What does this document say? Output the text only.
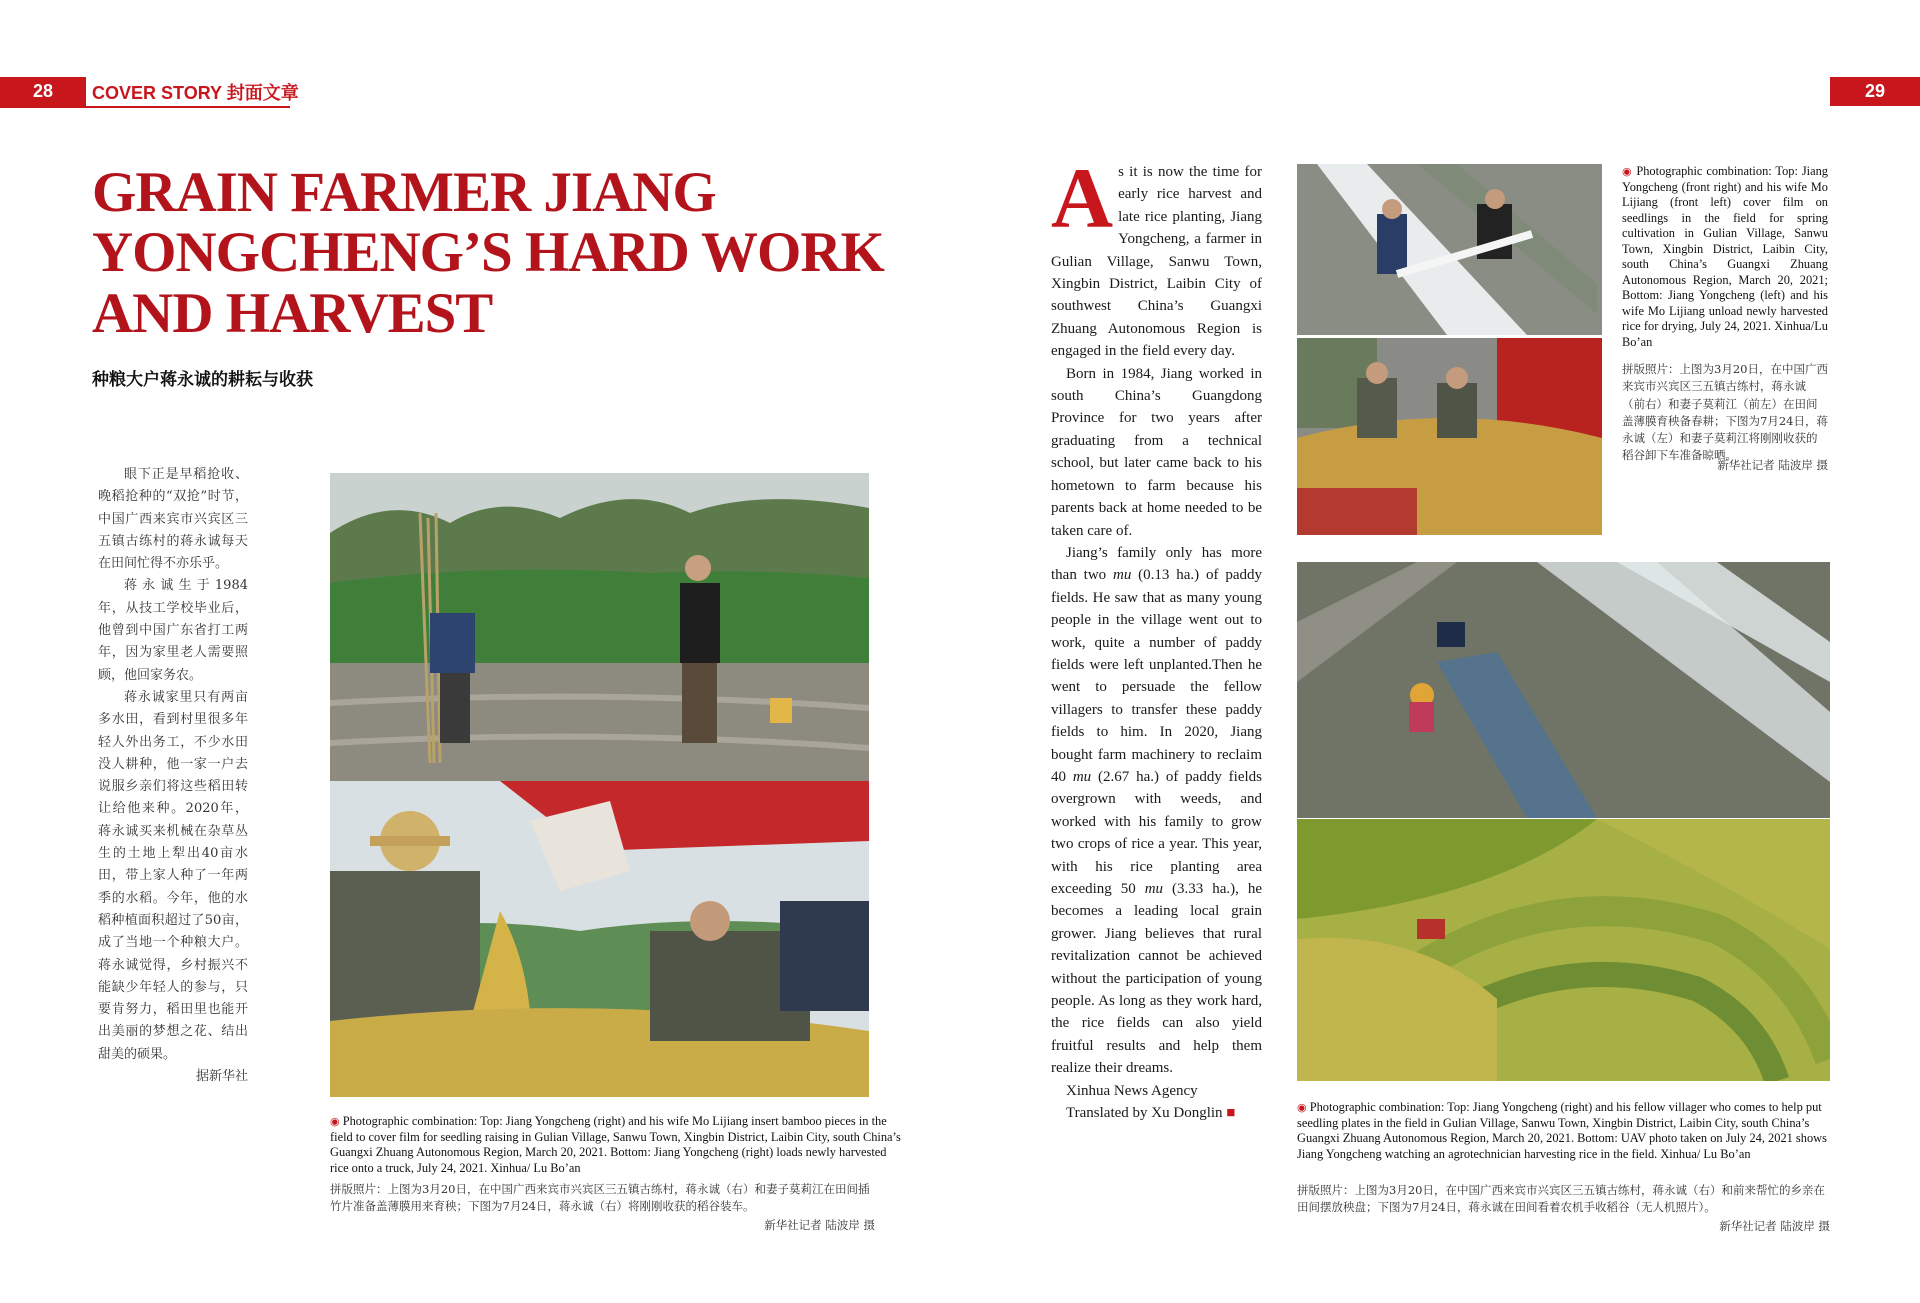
28	COVER STORY 封面文章	29
GRAIN FARMER JIANG YONGCHENG’S HARD WORK AND HARVEST
种粮大户蒋永诚的耕耘与收获

眼下正是早稻抢收、晚稻抢种的“双抢”时节，中国广西来宾市兴宾区三五镇古练村的蒋永诚每天在田间忙得不亦乐乎。

蒋永诚生于1984年，从技工学校毕业后，他曾到中国广东省打工两年，因为家里老人需要照顾，他回家务农。

蒋永诚家里只有两亩多水田，看到村里很多年轻人外出务工，不少水田没人耕种，他一家一户去说服乡亲们将这些稻田转让给他来种。2020年，蒋永诚买来机械在杂草丛生的土地上犁出40亩水田，带上家人种了一年两季的水稻。今年，他的水稻种植面积超过了50亩，成了当地一个种粮大户。蒋永诚觉得，乡村振兴不能缺少年轻人的参与，只要肯努力，稻田里也能开出美丽的梦想之花、结出甜美的硕果。

据新华社

◉ Photographic combination: Top: Jiang Yongcheng (right) and his wife Mo Lijiang insert bamboo pieces in the field to cover film for seedling raising in Gulian Village, Sanwu Town, Xingbin District, Laibin City, south China’s Guangxi Zhuang Autonomous Region, March 20, 2021. Bottom: Jiang Yongcheng (right) loads newly harvested rice onto a truck, July 24, 2021. Xinhua/ Lu Bo’an
拼版照片：上图为3月20日，在中国广西来宾市兴宾区三五镇古练村，蒋永诚（右）和妻子莫莉江在田间插竹片准备盖薄膜用来育秧；下图为7月24日，蒋永诚（右）将刚刚收获的稻谷装车。
新华社记者 陆波岸 摄

As it is now the time for early rice harvest and late rice planting, Jiang Yongcheng, a farmer in Gulian Village, Sanwu Town, Xingbin District, Laibin City of southwest China’s Guangxi Zhuang Autonomous Region is engaged in the field every day.

Born in 1984, Jiang worked in south China’s Guangdong Province for two years after graduating from a technical school, but later came back to his hometown to farm because his parents back at home needed to be taken care of.

Jiang’s family only has more than two mu (0.13 ha.) of paddy fields. He saw that as many young people in the village went out to work, quite a number of paddy fields were left unplanted.Then he went to persuade the fellow villagers to transfer these paddy fields to him. In 2020, Jiang bought farm machinery to reclaim 40 mu (2.67 ha.) of paddy fields overgrown with weeds, and worked with his family to grow two crops of rice a year. This year, with his rice planting area exceeding 50 mu (3.33 ha.), he becomes a leading local grain grower. Jiang believes that rural revitalization cannot be achieved without the participation of young people. As long as they work hard, the rice fields can also yield fruitful results and help them realize their dreams.

Xinhua News Agency

Translated by Xu Donglin ■

◉ Photographic combination: Top: Jiang Yongcheng (front right) and his wife Mo Lijiang (front left) cover film on seedlings in the field for spring cultivation in Gulian Village, Sanwu Town, Xingbin District, Laibin City, south China’s Guangxi Zhuang Autonomous Region, March 20, 2021; Bottom: Jiang Yongcheng (left) and his wife Mo Lijiang unload newly harvested rice for drying, July 24, 2021. Xinhua/Lu Bo’an
拼版照片：上图为3月20日，在中国广西来宾市兴宾区三五镇古练村，蒋永诚（前右）和妻子莫莉江（前左）在田间盖薄膜育秧备春耕；下图为7月24日，蒋永诚（左）和妻子莫莉江将刚刚收获的稻谷卸下车准备晾晒。
新华社记者 陆波岸 摄
◉ Photographic combination: Top: Jiang Yongcheng (right) and his fellow villager who comes to help put seedling plates in the field in Gulian Village, Sanwu Town, Xingbin District, Laibin City, south China’s Guangxi Zhuang Autonomous Region, March 20, 2021. Bottom: UAV photo taken on July 24, 2021 shows Jiang Yongcheng watching an agrotechnician harvesting rice in the field. Xinhua/ Lu Bo’an
拼版照片：上图为3月20日，在中国广西来宾市兴宾区三五镇古练村，蒋永诚（右）和前来帮忙的乡亲在田间摆放秧盘；下图为7月24日，蒋永诚在田间看着农机手收稻谷（无人机照片）。
新华社记者 陆波岸 摄
